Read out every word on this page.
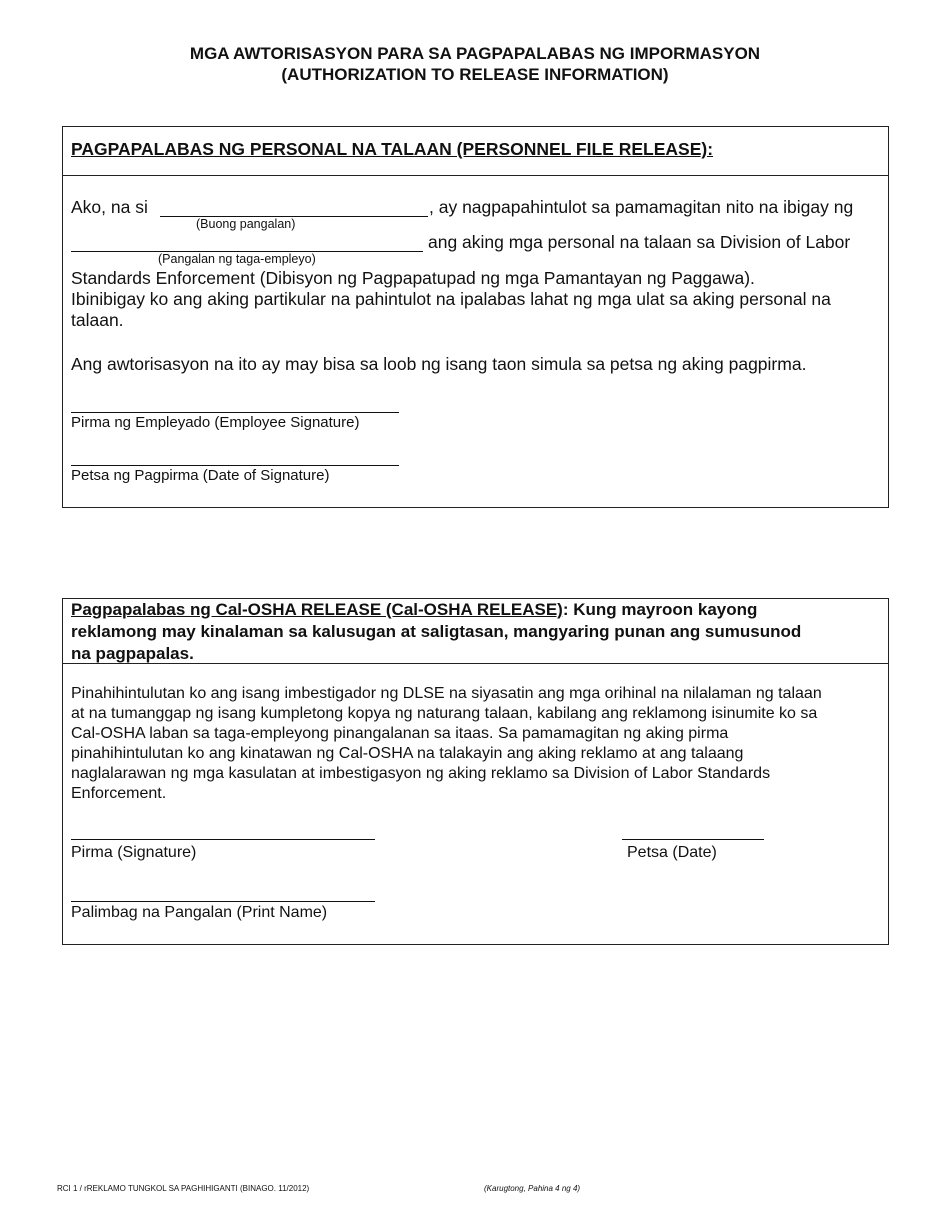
MGA AWTORISASYON PARA SA PAGPAPALABAS NG IMPORMASYON
(AUTHORIZATION TO RELEASE INFORMATION)
PAGPAPALABAS NG PERSONAL NA TALAAN (PERSONNEL FILE RELEASE):
Ako, na si	, ay nagpapahintulot sa pamamagitan nito na ibigay ng
(Buong pangalan)
ang aking mga personal na talaan sa Division of Labor
(Pangalan ng taga-empleyo)
Standards Enforcement (Dibisyon ng Pagpapatupad ng mga Pamantayan ng Paggawa).
Ibinibigay ko ang aking partikular na pahintulot na ipalabas lahat ng mga ulat sa aking personal na
talaan.
Ang awtorisasyon na ito ay may bisa sa loob ng isang taon simula sa petsa ng aking pagpirma.
Pirma ng Empleyado (Employee Signature)
Petsa ng Pagpirma (Date of Signature)
Pagpapalabas ng Cal-OSHA RELEASE (Cal-OSHA RELEASE): Kung mayroon kayong
reklamong may kinalaman sa kalusugan at saligtasan, mangyaring punan ang sumusunod
na pagpapalas.
Pinahihintulutan ko ang isang imbestigador ng DLSE na siyasatin ang mga orihinal na nilalaman ng talaan
at na tumanggap ng isang kumpletong kopya ng naturang talaan, kabilang ang reklamong isinumite ko sa
Cal-OSHA laban sa taga-empleyong pinangalanan sa itaas. Sa pamamagitan ng aking pirma
pinahihintulutan ko ang kinatawan ng Cal-OSHA na talakayin ang aking reklamo at ang talaang
naglalarawan ng mga kasulatan at imbestigasyon ng aking reklamo sa Division of Labor Standards
Enforcement.
Pirma (Signature)	Petsa (Date)
Palimbag na Pangalan (Print Name)
RCI 1 / rREKLAMO TUNGKOL SA PAGHIHIGANTI (BINAGO. 11/2012)	(Karugtong, Pahina 4 ng 4)
